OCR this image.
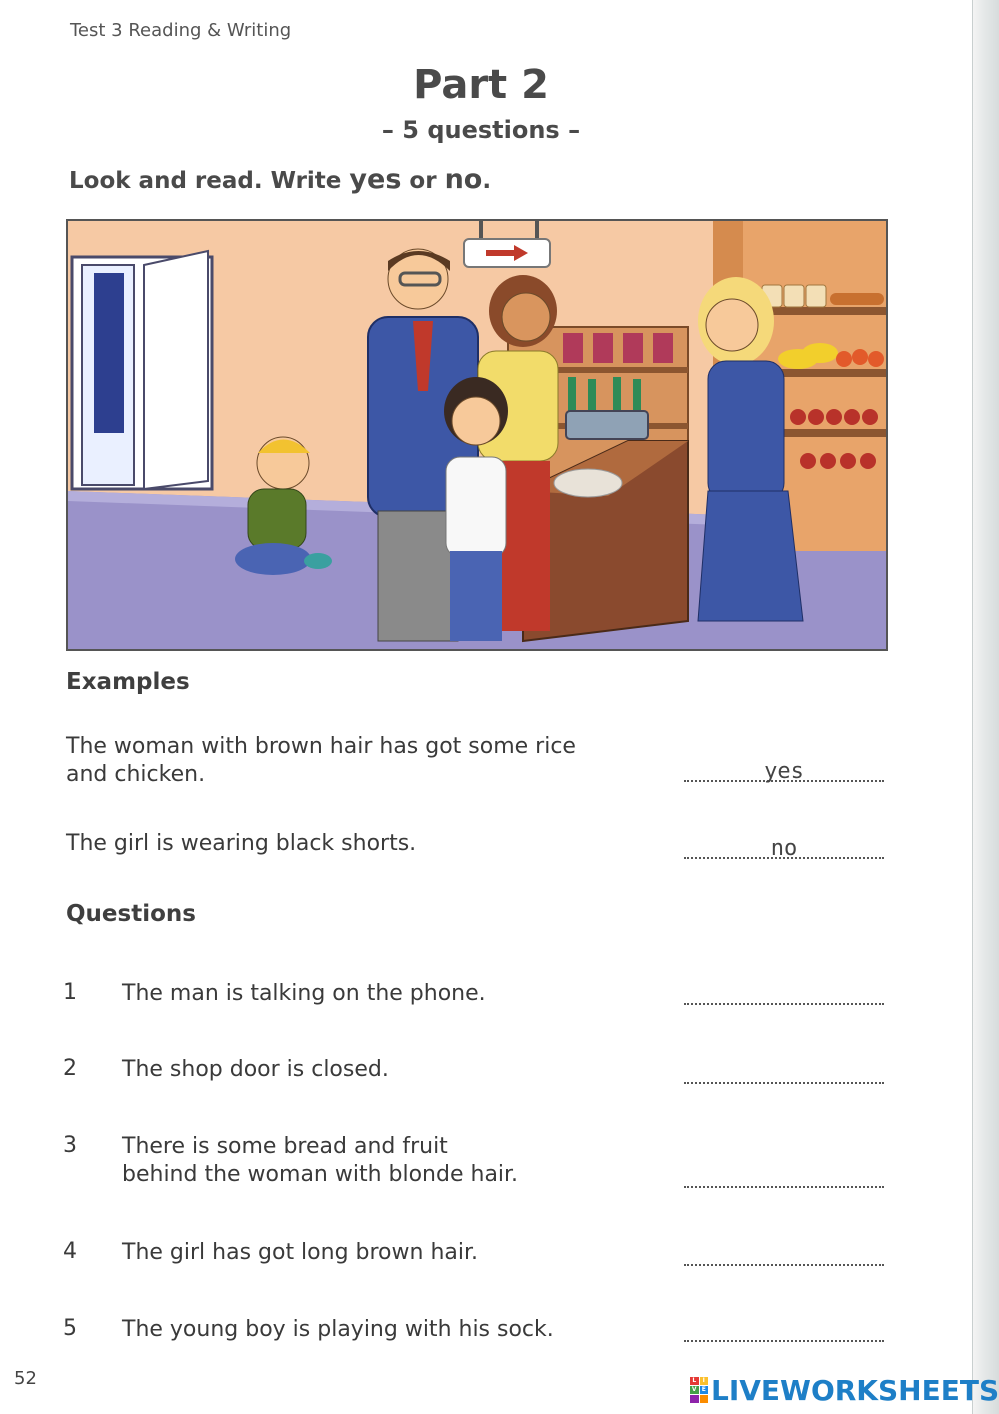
Test 3 Reading & Writing
Part 2
– 5 questions –
Look and read. Write yes or no.
Examples
The woman with brown hair has got some rice
and chicken.	yes
The girl is wearing black shorts.	no
Questions
1 The man is talking on the phone.
2 The shop door is closed.
3 There is some bread and fruit
behind the woman with blonde hair.
4 The girl has got long brown hair.
5 The young boy is playing with his sock.
52	L	I
V E LIVEWORKSHEETS
